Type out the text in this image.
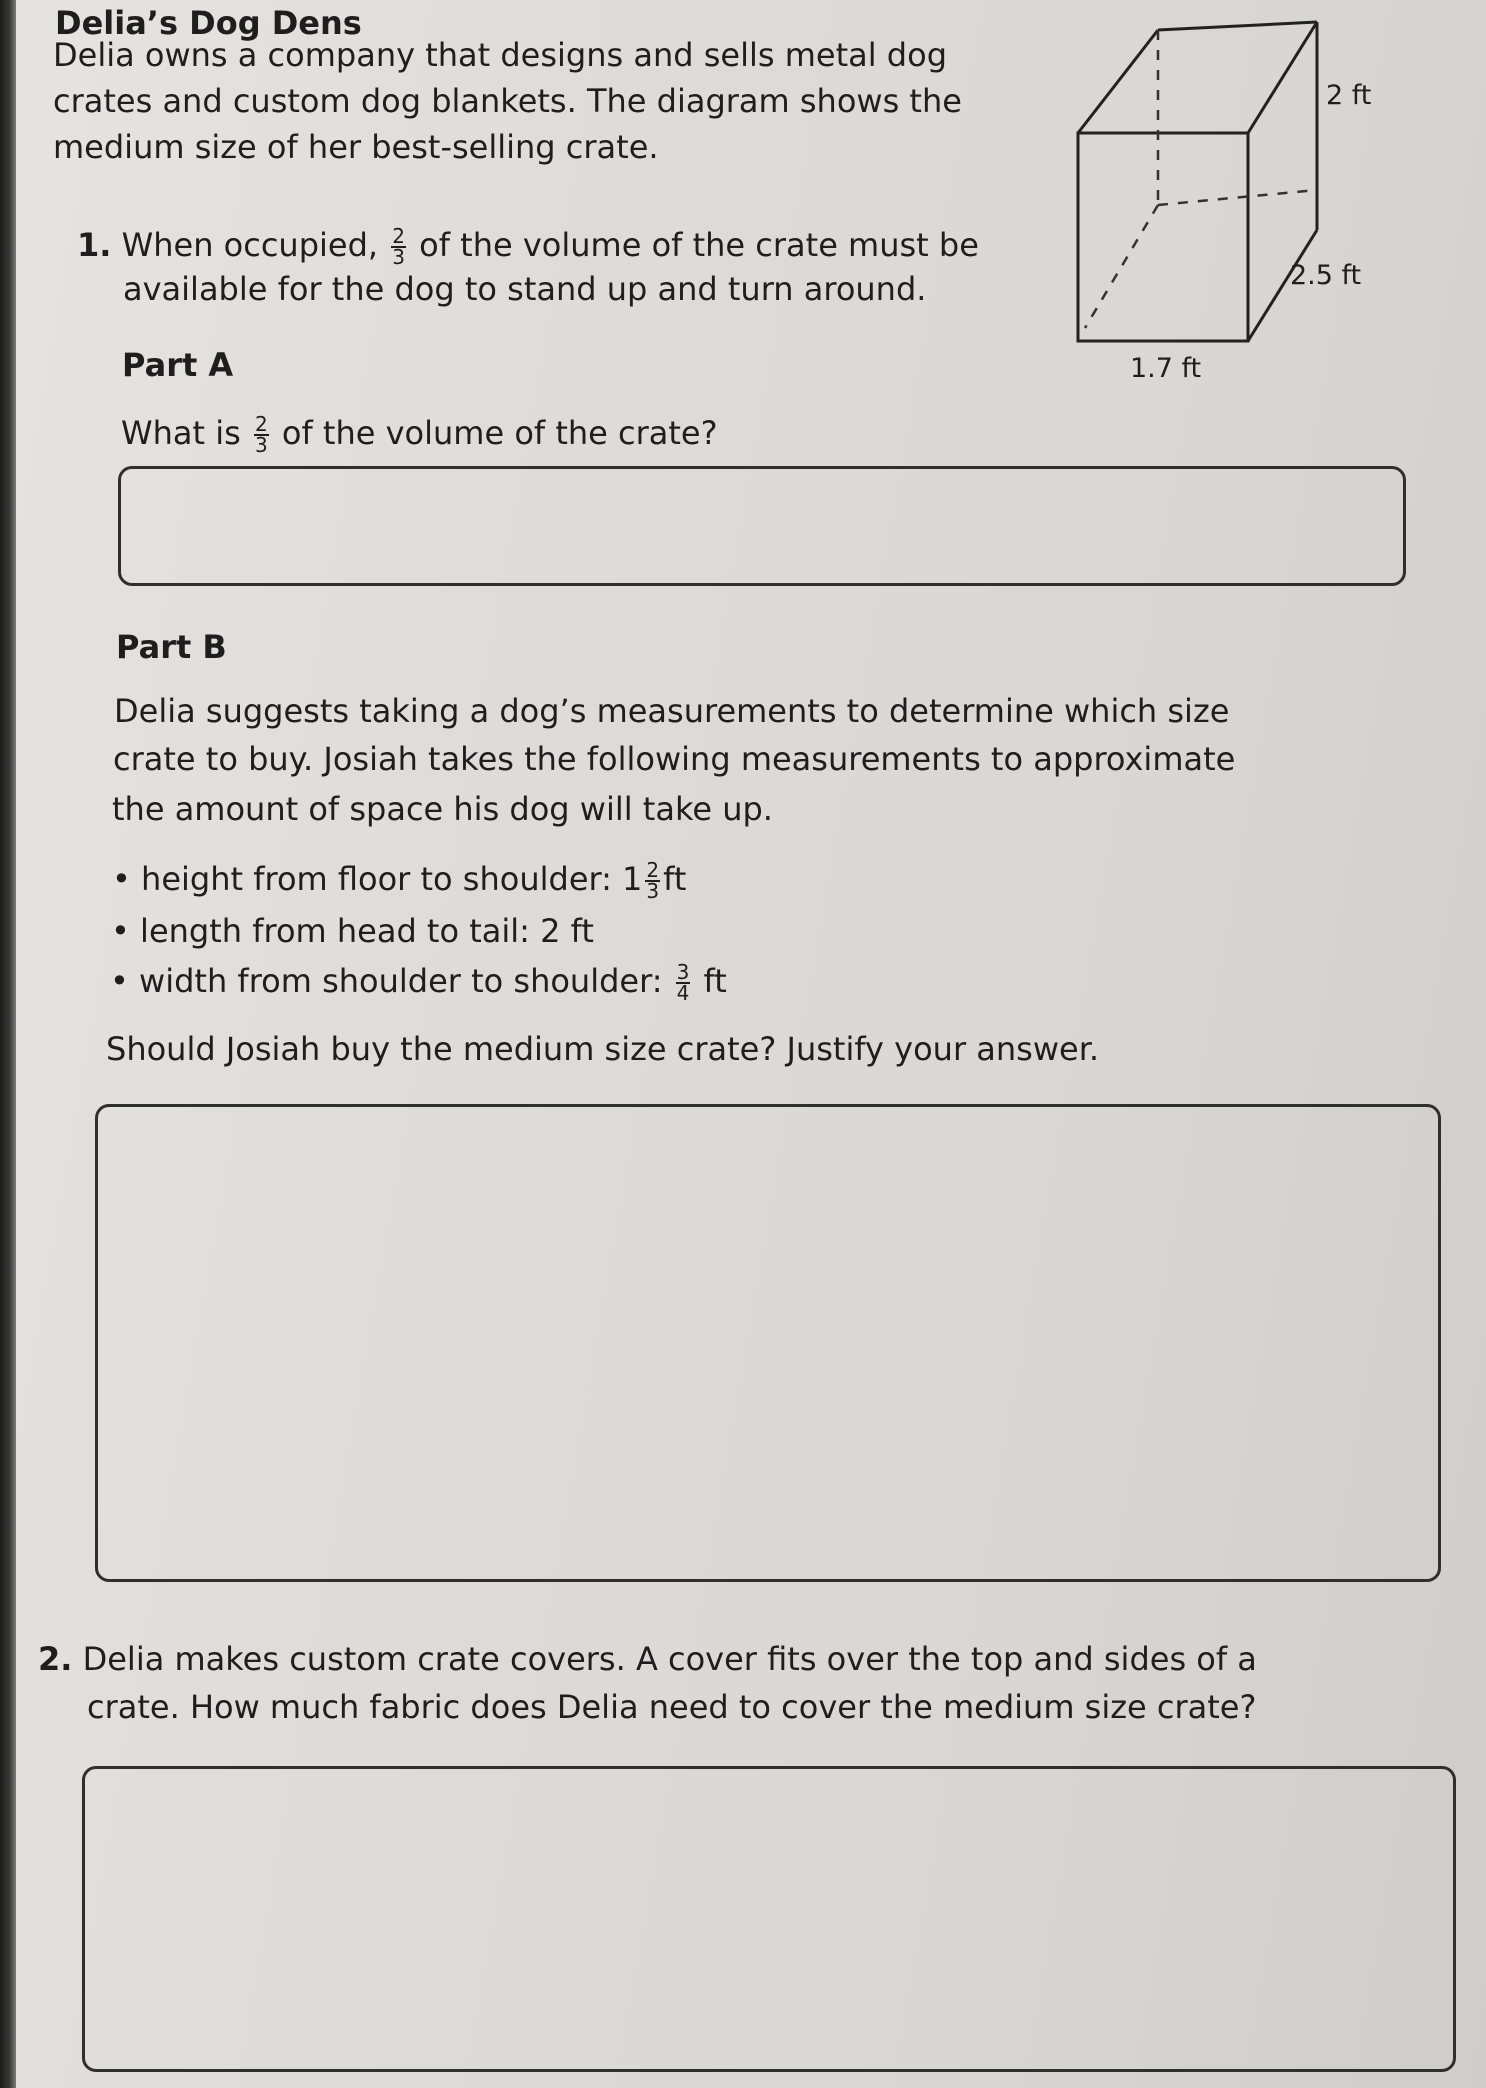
Delia’s Dog Dens
Delia owns a company that designs and sells metal dog
crates and custom dog blankets. The diagram shows the
medium size of her best-selling crate.
2 ft
2.5 ft
1.7 ft
1. When occupied, $\frac{2}{3}$ of the volume of the crate must be
available for the dog to stand up and turn around.
Part A
What is $\frac{2}{3}$ of the volume of the crate?
Part B
Delia suggests taking a dog’s measurements to determine which size
crate to buy. Josiah takes the following measurements to approximate
the amount of space his dog will take up.
• height from floor to shoulder: $1 \frac{2}{3}$ ft
• length from head to tail: 2 ft
• width from shoulder to shoulder: $\frac{3}{4}$ ft
Should Josiah buy the medium size crate? Justify your answer.
2. Delia makes custom crate covers. A cover fits over the top and sides of a
crate. How much fabric does Delia need to cover the medium size crate?
